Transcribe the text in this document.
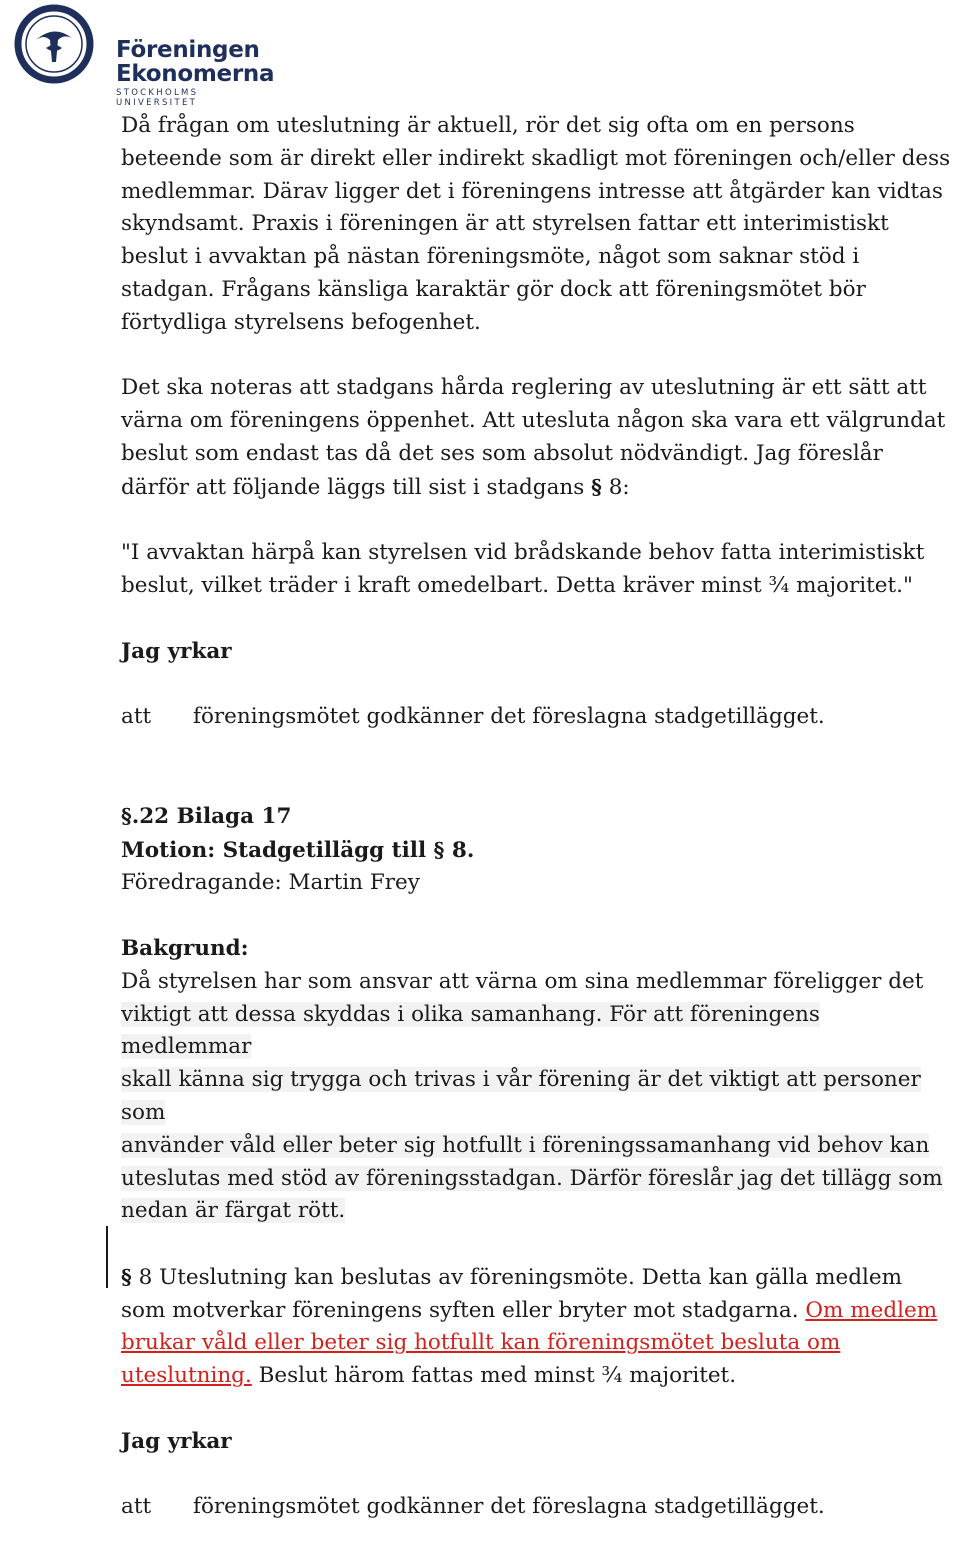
Föreningen
Ekonomerna
STOCKHOLMS UNIVERSITET

Då frågan om uteslutning är aktuell, rör det sig ofta om en persons beteende som är direkt eller indirekt skadligt mot föreningen och/eller dess medlemmar. Därav ligger det i föreningens intresse att åtgärder kan vidtas skyndsamt. Praxis i föreningen är att styrelsen fattar ett interimistiskt beslut i avvaktan på nästan föreningsmöte, något som saknar stöd i stadgan. Frågans känsliga karaktär gör dock att föreningsmötet bör förtydliga styrelsens befogenhet.

Det ska noteras att stadgans hårda reglering av uteslutning är ett sätt att värna om föreningens öppenhet. Att utesluta någon ska vara ett välgrundat beslut som endast tas då det ses som absolut nödvändigt. Jag föreslår därför att följande läggs till sist i stadgans § 8:

"I avvaktan härpå kan styrelsen vid brådskande behov fatta interimistiskt beslut, vilket träder i kraft omedelbart. Detta kräver minst ¾ majoritet."

Jag yrkar

att föreningsmötet godkänner det föreslagna stadgetillägget.

§.22 Bilaga 17
Motion: Stadgetillägg till § 8.

Föredragande: Martin Frey

Bakgrund:

Då styrelsen har som ansvar att värna om sina medlemmar föreligger det
viktigt att dessa skyddas i olika samanhang. För att föreningens medlemmar
skall känna sig trygga och trivas i vår förening är det viktigt att personer som
använder våld eller beter sig hotfullt i föreningssamanhang vid behov kan
uteslutas med stöd av föreningsstadgan. Därför föreslår jag det tillägg som
nedan är färgat rött.

§ 8 Uteslutning kan beslutas av föreningsmöte. Detta kan gälla medlem som motverkar föreningens syften eller bryter mot stadgarna. Om medlem brukar våld eller beter sig hotfullt kan föreningsmötet besluta om uteslutning. Beslut härom fattas med minst ¾ majoritet.

Jag yrkar

att föreningsmötet godkänner det föreslagna stadgetillägget.
